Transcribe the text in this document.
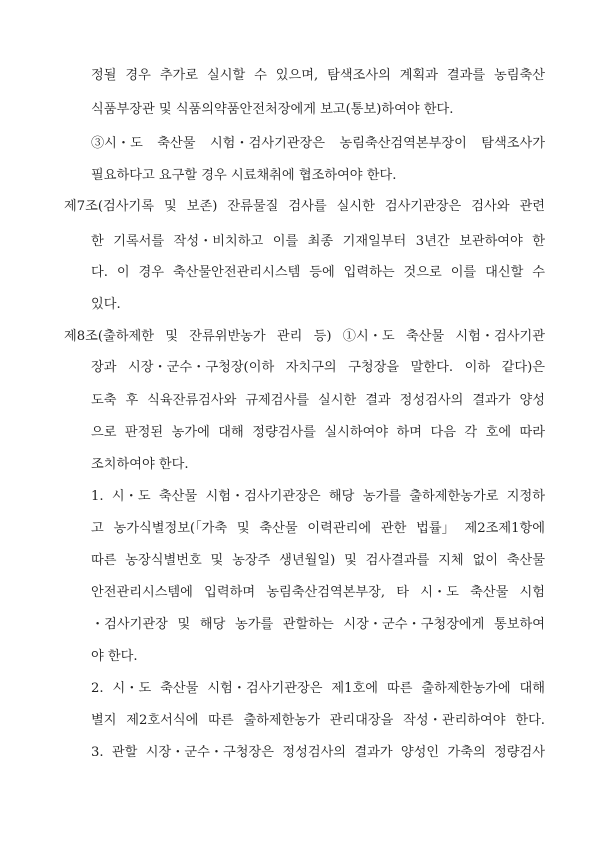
정될 경우 추가로 실시할 수 있으며, 탐색조사의 계획과 결과를 농림축산
식품부장관 및 식품의약품안전처장에게 보고(통보)하여야 한다.
③시・도 축산물 시험・검사기관장은 농림축산검역본부장이 탐색조사가
필요하다고 요구할 경우 시료채취에 협조하여야 한다.
제7조(검사기록 및 보존) 잔류물질 검사를 실시한 검사기관장은 검사와 관련
한 기록서를 작성・비치하고 이를 최종 기재일부터 3년간 보관하여야 한
다. 이 경우 축산물안전관리시스템 등에 입력하는 것으로 이를 대신할 수
있다.
제8조(출하제한 및 잔류위반농가 관리 등) ①시・도 축산물 시험・검사기관
장과 시장・군수・구청장(이하 자치구의 구청장을 말한다. 이하 같다)은
도축 후 식육잔류검사와 규제검사를 실시한 결과 정성검사의 결과가 양성
으로 판정된 농가에 대해 정량검사를 실시하여야 하며 다음 각 호에 따라
조치하여야 한다.
1. 시・도 축산물 시험・검사기관장은 해당 농가를 출하제한농가로 지정하
고 농가식별정보(「가축 및 축산물 이력관리에 관한 법률」 제2조제1항에
따른 농장식별번호 및 농장주 생년월일) 및 검사결과를 지체 없이 축산물
안전관리시스템에 입력하며 농림축산검역본부장, 타 시・도 축산물 시험
・검사기관장 및 해당 농가를 관할하는 시장・군수・구청장에게 통보하여
야 한다.
2. 시・도 축산물 시험・검사기관장은 제1호에 따른 출하제한농가에 대해
별지 제2호서식에 따른 출하제한농가 관리대장을 작성・관리하여야 한다.
3. 관할 시장・군수・구청장은 정성검사의 결과가 양성인 가축의 정량검사
